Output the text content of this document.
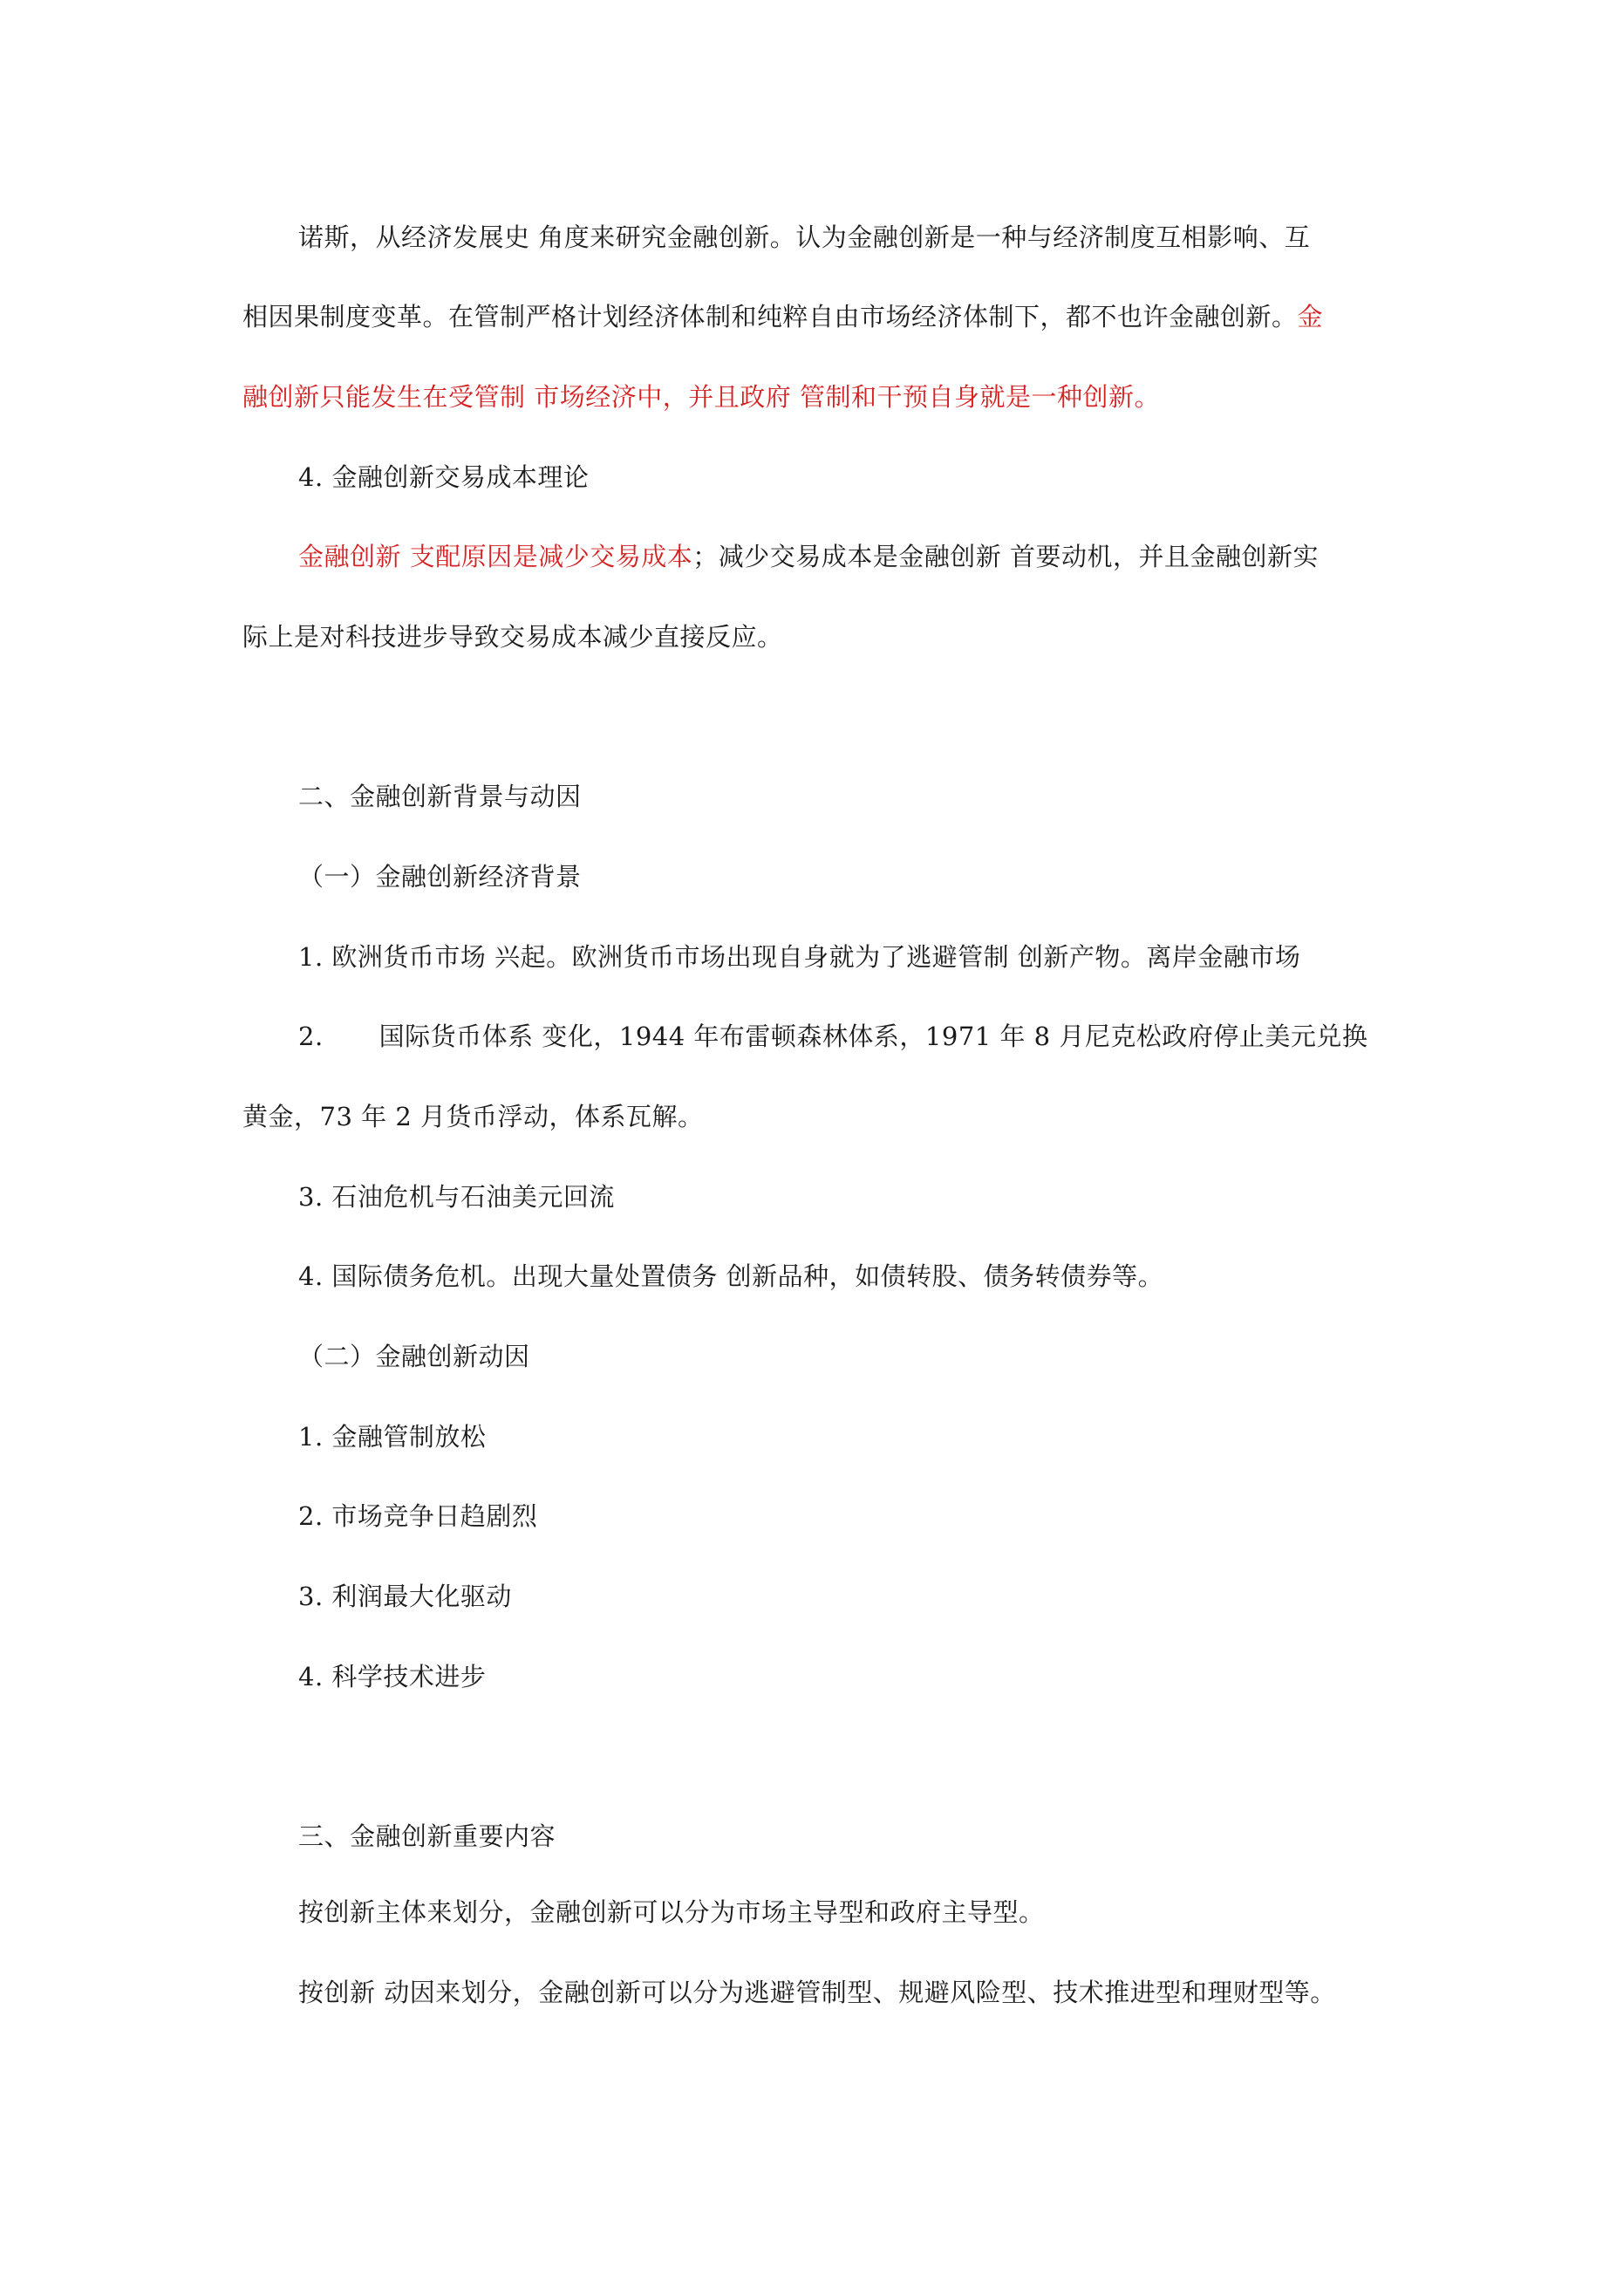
诺斯，从经济发展史 角度来研究金融创新。认为金融创新是一种与经济制度互相影响、互
相因果制度变革。在管制严格计划经济体制和纯粹自由市场经济体制下，都不也许金融创新。金
融创新只能发生在受管制 市场经济中，并且政府 管制和干预自身就是一种创新。
4. 金融创新交易成本理论
金融创新 支配原因是减少交易成本；减少交易成本是金融创新 首要动机，并且金融创新实
际上是对科技进步导致交易成本减少直接反应。
二、金融创新背景与动因
（一）金融创新经济背景
1. 欧洲货币市场 兴起。欧洲货币市场出现自身就为了逃避管制 创新产物。离岸金融市场
2. 国际货币体系 变化，1944 年布雷顿森林体系，1971 年 8 月尼克松政府停止美元兑换
黄金，73 年 2 月货币浮动，体系瓦解。
3. 石油危机与石油美元回流
4. 国际债务危机。出现大量处置债务 创新品种，如债转股、债务转债券等。
（二）金融创新动因
1. 金融管制放松
2. 市场竞争日趋剧烈
3. 利润最大化驱动
4. 科学技术进步
三、金融创新重要内容
按创新主体来划分，金融创新可以分为市场主导型和政府主导型。
按创新 动因来划分，金融创新可以分为逃避管制型、规避风险型、技术推进型和理财型等。
